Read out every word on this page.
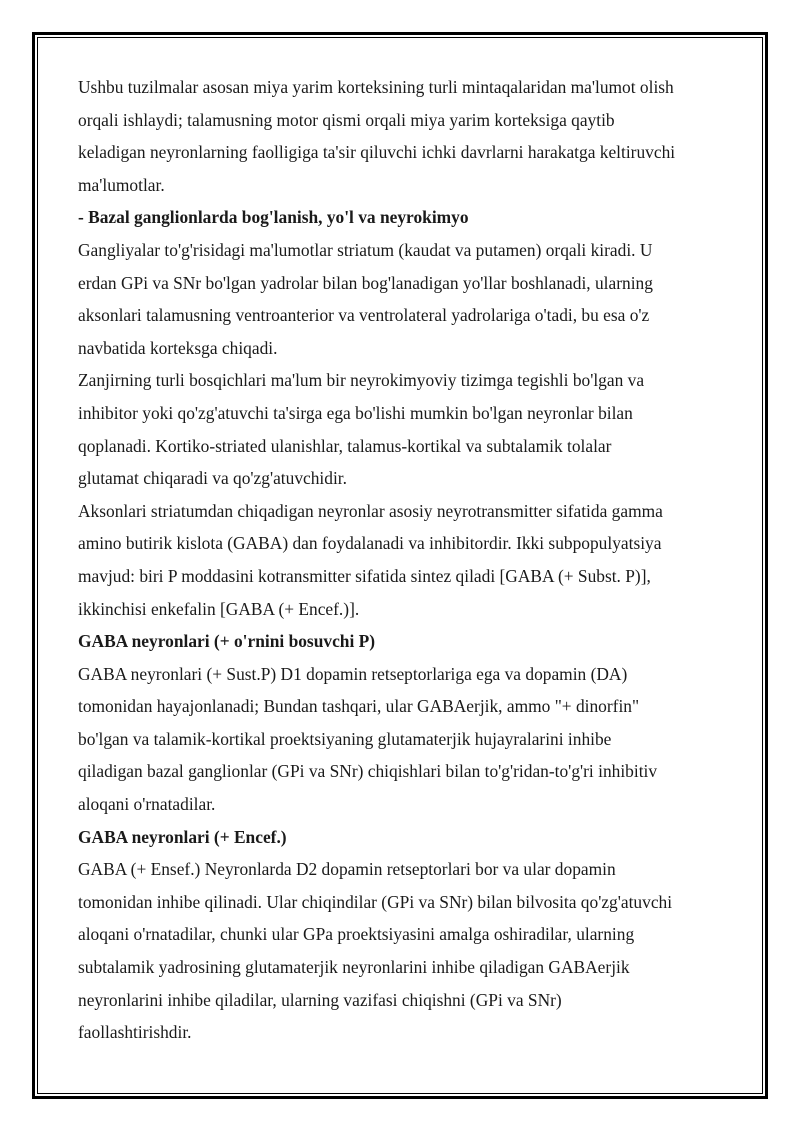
Ushbu tuzilmalar asosan miya yarim korteksining turli mintaqalaridan ma'lumot olish

orqali ishlaydi; talamusning motor qismi orqali miya yarim korteksiga qaytib

keladigan neyronlarning faolligiga ta'sir qiluvchi ichki davrlarni harakatga keltiruvchi

ma'lumotlar.

- Bazal ganglionlarda bog'lanish, yo'l va neyrokimyo

Gangliyalar to'g'risidagi ma'lumotlar striatum (kaudat va putamen) orqali kiradi. U

erdan GPi va SNr bo'lgan yadrolar bilan bog'lanadigan yo'llar boshlanadi, ularning

aksonlari talamusning ventroanterior va ventrolateral yadrolariga o'tadi, bu esa o'z

navbatida korteksga chiqadi.

Zanjirning turli bosqichlari ma'lum bir neyrokimyoviy tizimga tegishli bo'lgan va

inhibitor yoki qo'zg'atuvchi ta'sirga ega bo'lishi mumkin bo'lgan neyronlar bilan

qoplanadi. Kortiko-striated ulanishlar, talamus-kortikal va subtalamik tolalar

glutamat chiqaradi va qo'zg'atuvchidir.

Aksonlari striatumdan chiqadigan neyronlar asosiy neyrotransmitter sifatida gamma

amino butirik kislota (GABA) dan foydalanadi va inhibitordir. Ikki subpopulyatsiya

mavjud: biri P moddasini kotransmitter sifatida sintez qiladi [GABA (+ Subst. P)],

ikkinchisi enkefalin [GABA (+ Encef.)].

GABA neyronlari (+ o'rnini bosuvchi P)

GABA neyronlari (+ Sust.P) D1 dopamin retseptorlariga ega va dopamin (DA)

tomonidan hayajonlanadi; Bundan tashqari, ular GABAerjik, ammo "+ dinorfin"

bo'lgan va talamik-kortikal proektsiyaning glutamaterjik hujayralarini inhibe

qiladigan bazal ganglionlar (GPi va SNr) chiqishlari bilan to'g'ridan-to'g'ri inhibitiv

aloqani o'rnatadilar.

GABA neyronlari (+ Encef.)

GABA (+ Ensef.) Neyronlarda D2 dopamin retseptorlari bor va ular dopamin

tomonidan inhibe qilinadi. Ular chiqindilar (GPi va SNr) bilan bilvosita qo'zg'atuvchi

aloqani o'rnatadilar, chunki ular GPa proektsiyasini amalga oshiradilar, ularning

subtalamik yadrosining glutamaterjik neyronlarini inhibe qiladigan GABAerjik

neyronlarini inhibe qiladilar, ularning vazifasi chiqishni (GPi va SNr)

faollashtirishdir.
